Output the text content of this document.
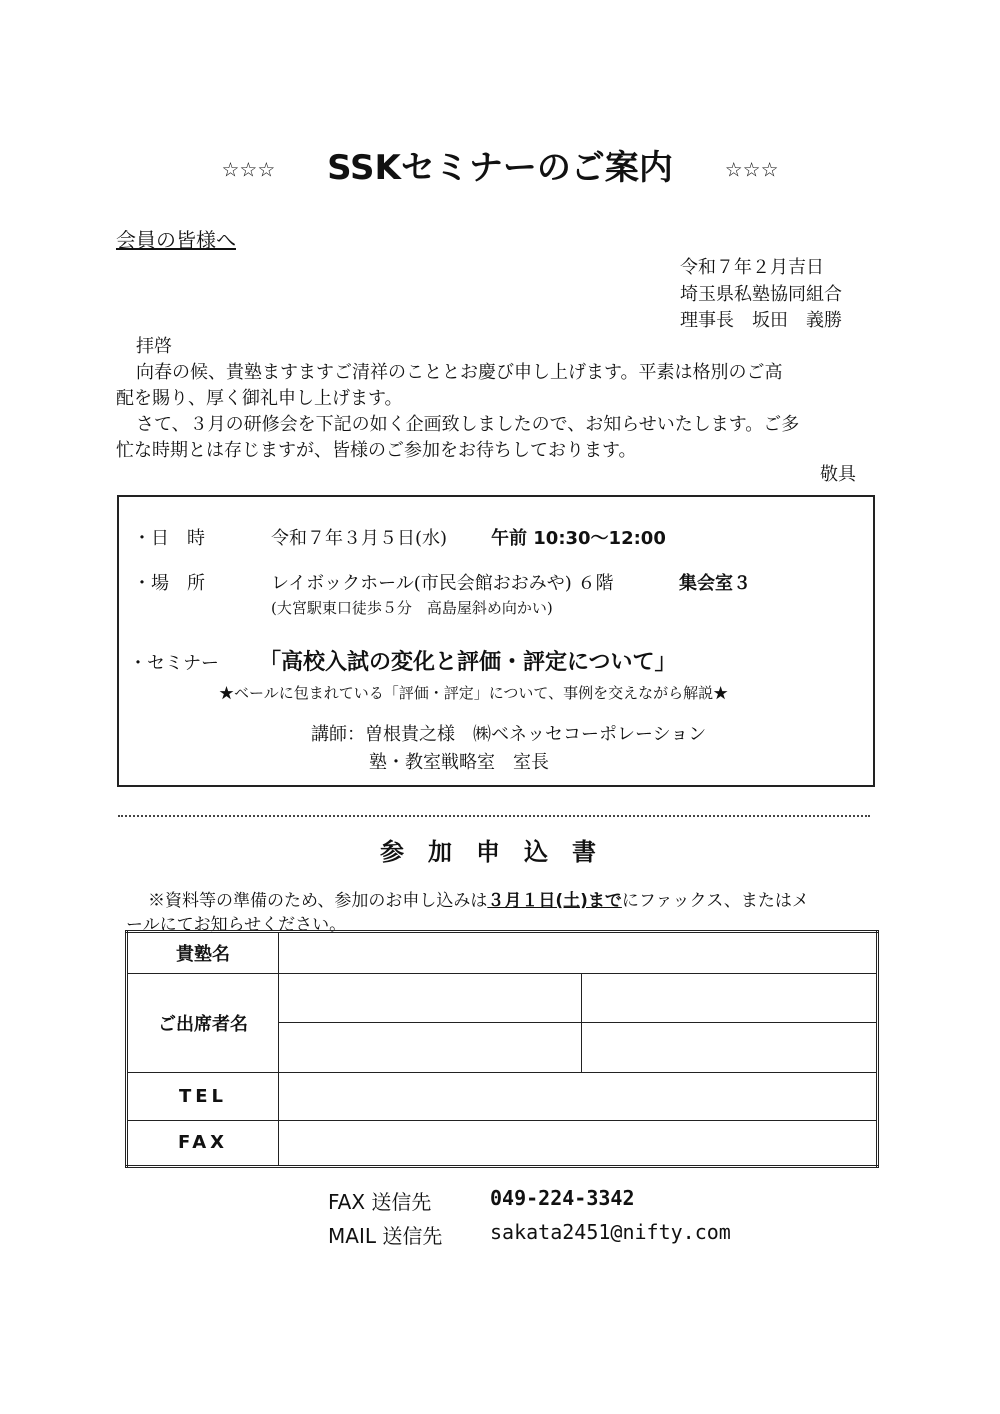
☆☆☆ SSKセミナーのご案内	☆☆☆
会員の皆様へ
令和７年２月吉日
埼玉県私塾協同組合
理事長　坂田　義勝
拝啓
向春の候、貴塾ますますご清祥のこととお慶び申し上げます。平素は格別のご高
配を賜り、厚く御礼申し上げます。
さて、３月の研修会を下記の如く企画致しましたので、お知らせいたします。ご多
忙な時期とは存じますが、皆様のご参加をお待ちしております。
敬具
・日　時	令和７年３月５日(水) 午前 10:30〜12:00
・場　所	レイボックホール(市民会館おおみや) ６階	集会室３
(大宮駅東口徒歩５分　高島屋斜め向かい)
・セミナー 「高校入試の変化と評価・評定について」
★ベールに包まれている「評価・評定」について、事例を交えながら解説★
講師：曽根貴之様　㈱ベネッセコーポレーション
塾・教室戦略室　室長
参加申込書
※資料等の準備のため、参加のお申し込みは３月１日(土)までにファックス、またはメ
ールにてお知らせください。
貴塾名		
ご出席者名		

TEL		
FAX		
FAX 送信先	049-224-3342
MAIL 送信先 sakata2451@nifty.com
